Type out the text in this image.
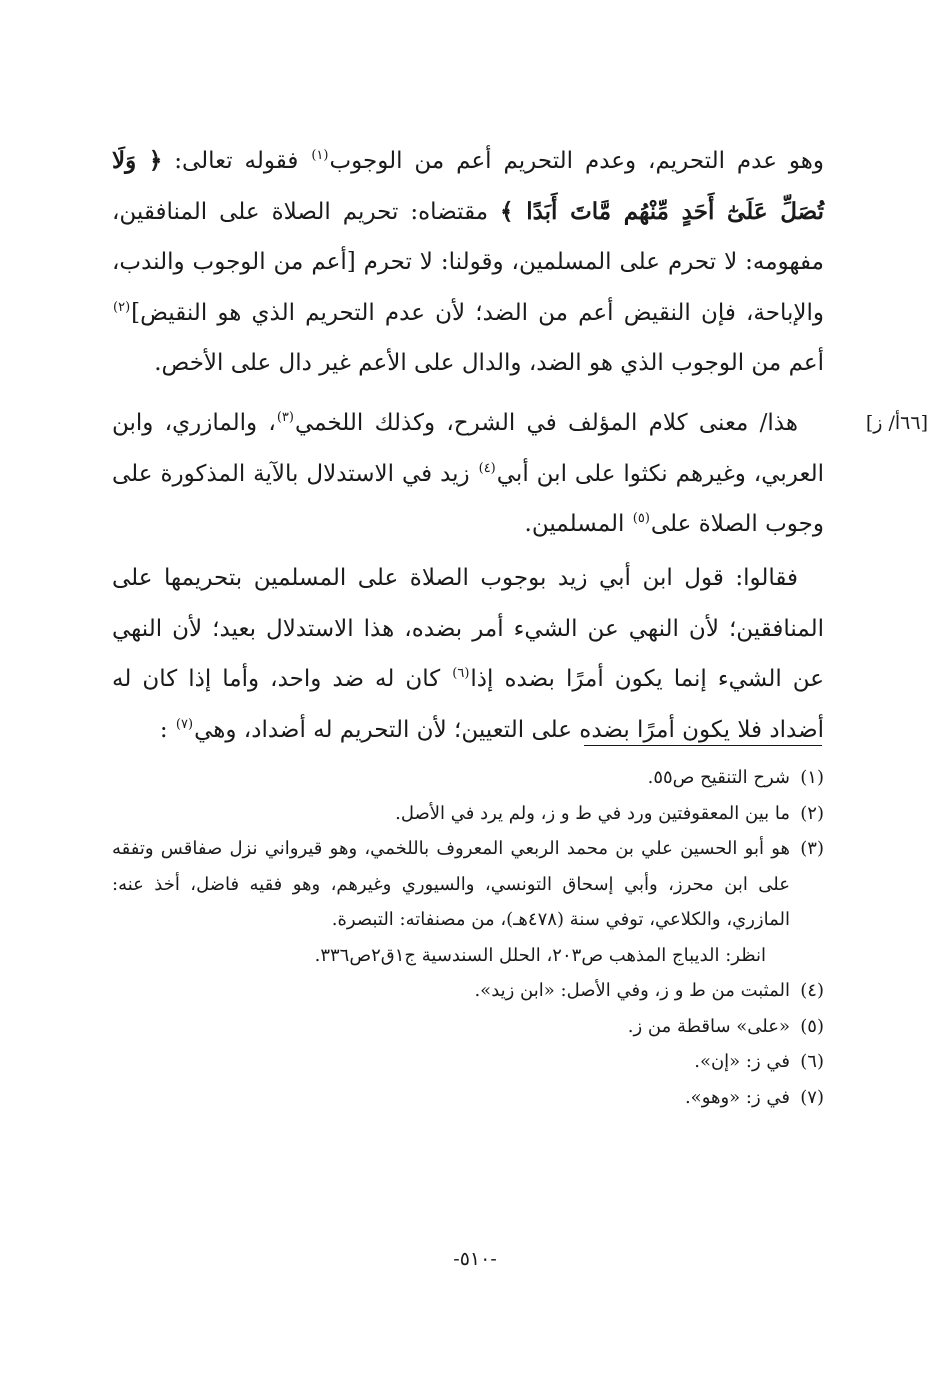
[٦٦أ/ ز]
وهو عدم التحريم، وعدم التحريم أعم من الوجوب$^{(١)}$ فقوله تعالى: ﴿ وَلَا تُصَلِّ عَلَىٰٓ أَحَدٍ مِّنْهُم مَّاتَ أَبَدًا ﴾ مقتضاه: تحريم الصلاة على المنافقين، مفهومه: لا تحرم على المسلمين، وقولنا: لا تحرم [أعم من الوجوب والندب، والإباحة، فإن النقيض أعم من الضد؛ لأن عدم التحريم الذي هو النقيض]$^{(٢)}$ أعم من الوجوب الذي هو الضد، والدال على الأعم غير دال على الأخص.
هذا/ معنى كلام المؤلف في الشرح، وكذلك اللخمي$^{(٣)}$، والمازري، وابن العربي، وغيرهم نكثوا على ابن أبي$^{(٤)}$ زيد في الاستدلال بالآية المذكورة على وجوب الصلاة على$^{(٥)}$ المسلمين.
فقالوا: قول ابن أبي زيد بوجوب الصلاة على المسلمين بتحريمها على المنافقين؛ لأن النهي عن الشيء أمر بضده، هذا الاستدلال بعيد؛ لأن النهي عن الشيء إنما يكون أمرًا بضده إذا$^{(٦)}$ كان له ضد واحد، وأما إذا كان له أضداد فلا يكون أمرًا بضده على التعيين؛ لأن التحريم له أضداد، وهي$^{(٧)}$ :
(١)
شرح التنقيح ص٥٥.
(٢)
ما بين المعقوفتين ورد في ط و ز، ولم يرد في الأصل.
(٣)
هو أبو الحسين علي بن محمد الربعي المعروف باللخمي، وهو قيرواني نزل صفاقس وتفقه على ابن محرز، وأبي إسحاق التونسي، والسيوري وغيرهم، وهو فقيه فاضل، أخذ عنه: المازري، والكلاعي، توفي سنة (٤٧٨هـ)، من مصنفاته: التبصرة.
انظر: الديباج المذهب ص٢٠٣، الحلل السندسية ج١ق٢ص٣٣٦.
(٤)
المثبت من ط و ز، وفي الأصل: «ابن زيد».
(٥)
«على» ساقطة من ز.
(٦)
في ز: «إن».
(٧)
في ز: «وهو».
-٥١٠-
